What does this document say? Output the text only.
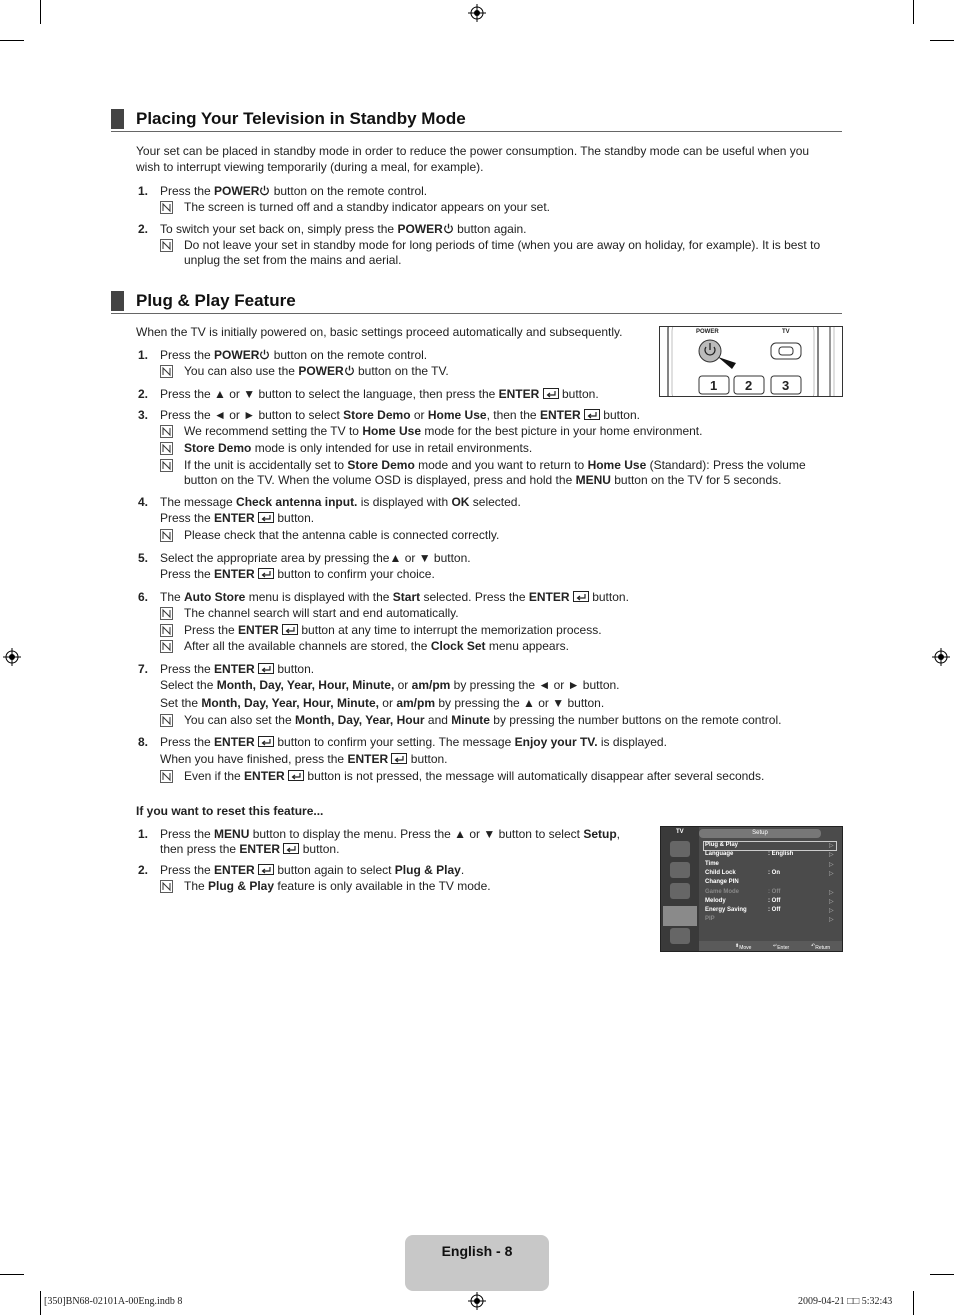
Placing Your Television in Standby Mode
Your set can be placed in standby mode in order to reduce the power consumption. The standby mode can be useful when you wish to interrupt viewing temporarily (during a meal, for example).
1. Press the POWER button on the remote control.
The screen is turned off and a standby indicator appears on your set.
2. To switch your set back on, simply press the POWER button again.
Do not leave your set in standby mode for long periods of time (when you are away on holiday, for example). It is best to unplug the set from the mains and aerial.
Plug & Play Feature
When the TV is initially powered on, basic settings proceed automatically and subsequently.	POWER	TV
1 2 3
1. Press the POWER button on the remote control.
You can also use the POWER button on the TV.
2. Press the ▲ or ▼ button to select the language, then press the ENTER  button.
3. Press the ◄ or ► button to select Store Demo or Home Use, then the ENTER  button.
We recommend setting the TV to Home Use mode for the best picture in your home environment.
Store Demo mode is only intended for use in retail environments.
If the unit is accidentally set to Store Demo mode and you want to return to Home Use (Standard): Press the volume button on the TV. When the volume OSD is displayed, press and hold the MENU button on the TV for 5 seconds.
4. The message Check antenna input. is displayed with OK selected.
Press the ENTER  button.
Please check that the antenna cable is connected correctly.
5. Select the appropriate area by pressing the▲ or ▼ button.
Press the ENTER  button to confirm your choice.
6. The Auto Store menu is displayed with the Start selected. Press the ENTER  button.
The channel search will start and end automatically.
Press the ENTER  button at any time to interrupt the memorization process.
After all the available channels are stored, the Clock Set menu appears.
7. Press the ENTER  button.
Select the Month, Day, Year, Hour, Minute, or am/pm by pressing the ◄ or ► button.
Set the Month, Day, Year, Hour, Minute, or am/pm by pressing the ▲ or ▼ button.
You can also set the Month, Day, Year, Hour and Minute by pressing the number buttons on the remote control.
8. Press the ENTER  button to confirm your setting. The message Enjoy your TV. is displayed.
When you have finished, press the ENTER  button.
Even if the ENTER  button is not pressed, the message will automatically disappear after several seconds.
If you want to reset this feature...
1. Press the MENU button to display the menu. Press the ▲ or ▼ button to select Setup,
then press the ENTER  button.
2. Press the ENTER  button again to select Plug & Play.
The Plug & Play feature is only available in the TV mode.
TV	Setup
Plug & Play	▷
Language	: English	▷
Time	▷
Child Lock	: On	▷
Change PIN
Game Mode	: Off	▷
Melody	: Off	▷
Energy Saving	: Off	▷
PIP	▷
⬍ Move	↵ Enter	↶ Return
English - 8
[350]BN68-02101A-00Eng.indb 8	2009-04-21 □□ 5:32:43
